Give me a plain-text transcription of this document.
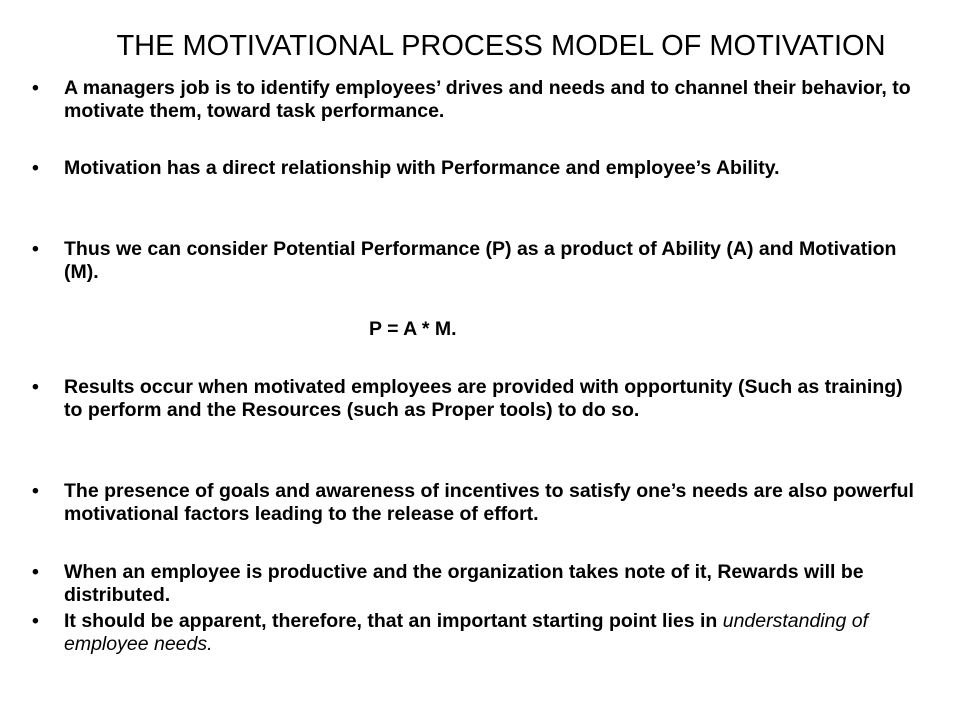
THE MOTIVATIONAL PROCESS MODEL OF MOTIVATION
•	A managers job is to identify employees’ drives and needs and to channel their behavior, to motivate them, toward task performance.
•	Motivation has a direct relationship with Performance and employee’s Ability.
•	Thus we can consider Potential Performance (P) as a product of Ability (A) and Motivation (M).
P = A * M.
•	Results occur when motivated employees are provided with opportunity (Such as training) to perform and the Resources (such as Proper tools) to do so.
•	The presence of goals and awareness of incentives to satisfy one’s needs are also powerful motivational factors leading to the release of effort.
•	When an employee is productive and the organization takes note of it, Rewards will be distributed.
•	It should be apparent, therefore, that an important starting point lies in understanding of employee needs.
